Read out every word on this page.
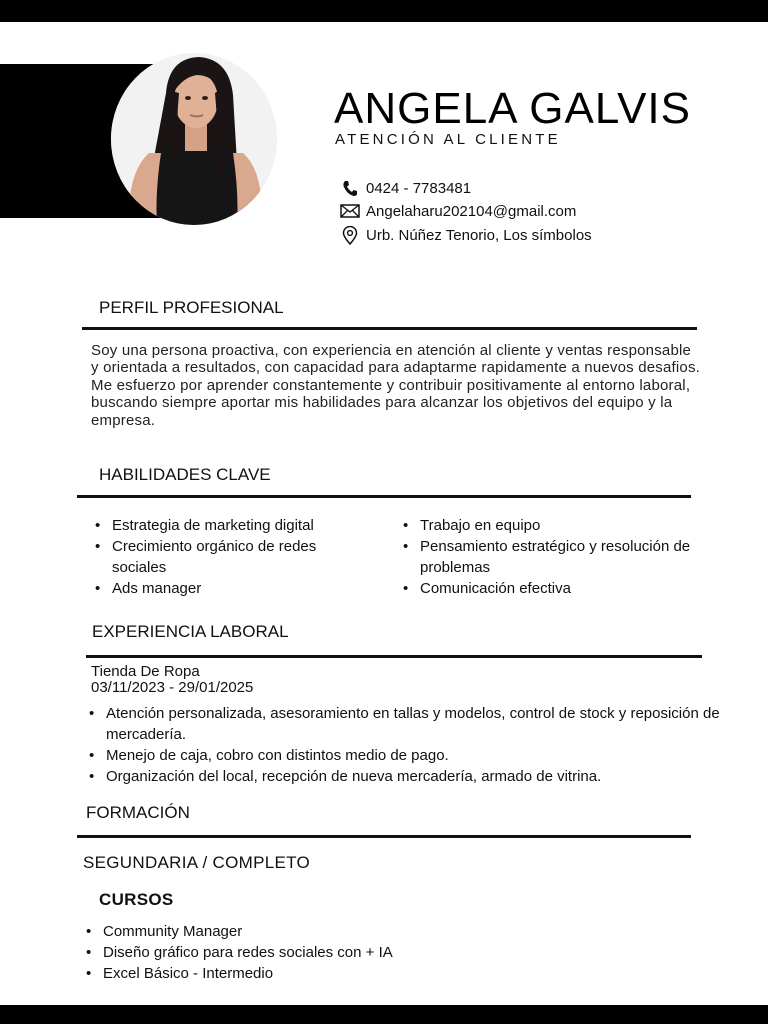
ANGELA GALVIS
ATENCIÓN AL CLIENTE
0424 - 7783481
Angelaharu202104@gmail.com
Urb. Núñez Tenorio, Los símbolos
PERFIL PROFESIONAL
Soy una persona proactiva, con experiencia en atención al cliente y ventas responsable y orientada a resultados, con capacidad para adaptarme rapidamente a nuevos desafios. Me esfuerzo por aprender constantemente y contribuir positivamente al entorno laboral, buscando siempre aportar mis habilidades para alcanzar los objetivos del equipo y la empresa.
HABILIDADES CLAVE
• Estrategia de marketing digital
• Crecimiento orgánico de redes sociales
• Ads manager
• Trabajo en equipo
• Pensamiento estratégico y resolución de problemas
• Comunicación efectiva
EXPERIENCIA LABORAL
Tienda De Ropa
03/11/2023 - 29/01/2025
• Atención personalizada, asesoramiento en tallas y modelos, control de stock y reposición de mercadería.
• Menejo de caja, cobro con distintos medio de pago.
• Organización del local, recepción de nueva mercadería, armado de vitrina.
FORMACIÓN
SEGUNDARIA / COMPLETO
CURSOS
• Community Manager
• Diseño gráfico para redes sociales con + IA
• Excel Básico - Intermedio
